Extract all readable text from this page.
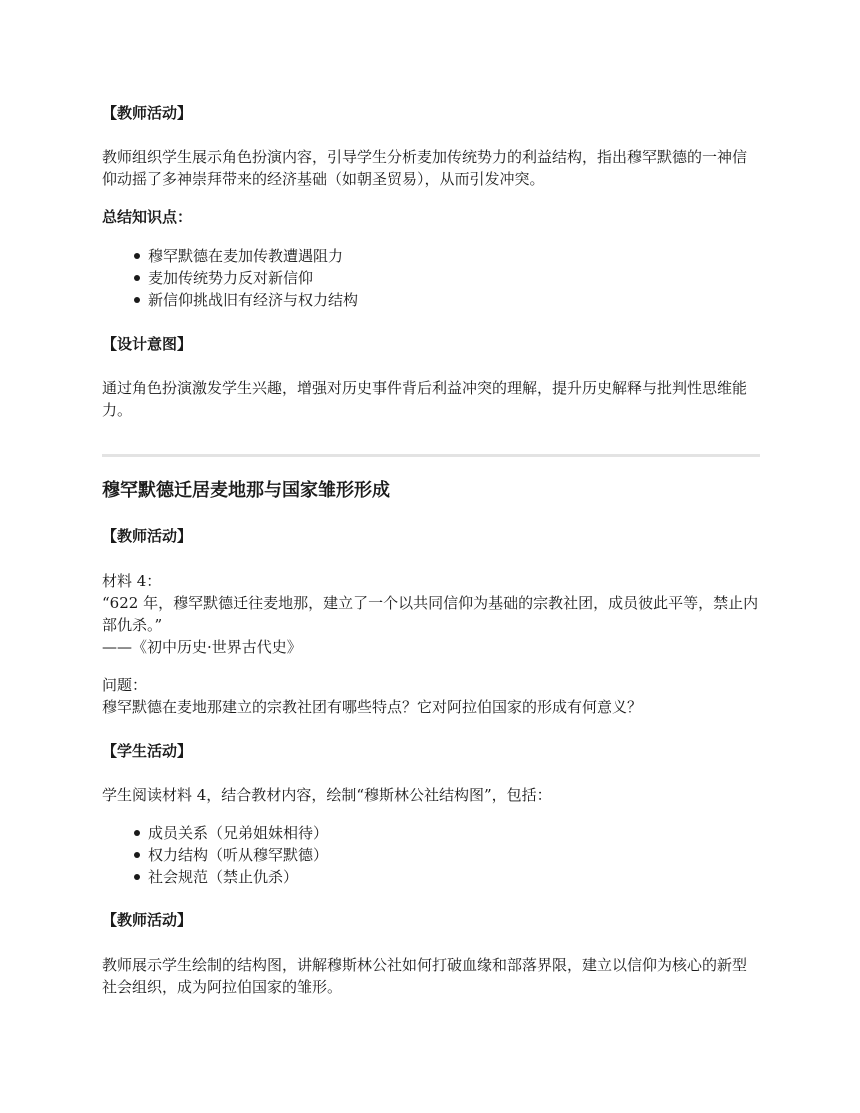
【教师活动】

教师组织学生展示角色扮演内容，引导学生分析麦加传统势力的利益结构，指出穆罕默德的一神信仰动摇了多神崇拜带来的经济基础（如朝圣贸易），从而引发冲突。

总结知识点：

穆罕默德在麦加传教遭遇阻力
麦加传统势力反对新信仰
新信仰挑战旧有经济与权力结构

【设计意图】

通过角色扮演激发学生兴趣，增强对历史事件背后利益冲突的理解，提升历史解释与批判性思维能力。

穆罕默德迁居麦地那与国家雏形形成

【教师活动】

材料 4：

“622 年，穆罕默德迁往麦地那，建立了一个以共同信仰为基础的宗教社团，成员彼此平等，禁止内部仇杀。”

——《初中历史·世界古代史》

问题：

穆罕默德在麦地那建立的宗教社团有哪些特点？它对阿拉伯国家的形成有何意义？

【学生活动】

学生阅读材料 4，结合教材内容，绘制“穆斯林公社结构图”，包括：

成员关系（兄弟姐妹相待）
权力结构（听从穆罕默德）
社会规范（禁止仇杀）

【教师活动】

教师展示学生绘制的结构图，讲解穆斯林公社如何打破血缘和部落界限，建立以信仰为核心的新型社会组织，成为阿拉伯国家的雏形。
